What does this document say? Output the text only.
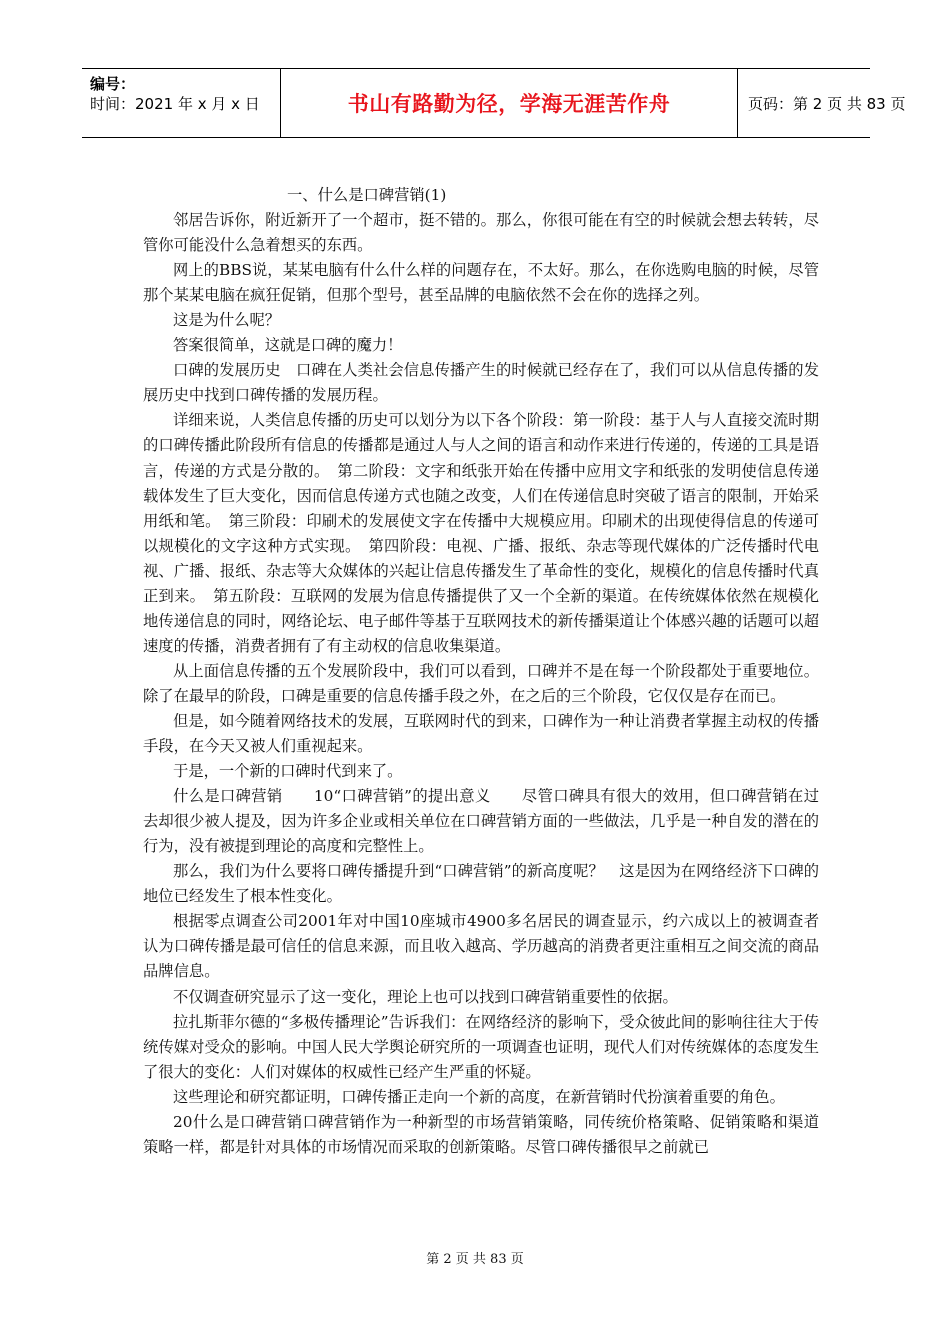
编号：
时间：2021 年 x 月 x 日	书山有路勤为径，学海无涯苦作舟	页码：第 2 页 共 83 页

一、什么是口碑营销(1)

邻居告诉你，附近新开了一个超市，挺不错的。那么，你很可能在有空的时候就会想去转转，尽管你可能没什么急着想买的东西。

网上的BBS说，某某电脑有什么什么样的问题存在，不太好。那么，在你选购电脑的时候，尽管那个某某电脑在疯狂促销，但那个型号，甚至品牌的电脑依然不会在你的选择之列。

这是为什么呢？

答案很简单，这就是口碑的魔力！

口碑的发展历史　口碑在人类社会信息传播产生的时候就已经存在了，我们可以从信息传播的发展历史中找到口碑传播的发展历程。

详细来说，人类信息传播的历史可以划分为以下各个阶段：第一阶段：基于人与人直接交流时期的口碑传播此阶段所有信息的传播都是通过人与人之间的语言和动作来进行传递的，传递的工具是语言，传递的方式是分散的。　第二阶段：文字和纸张开始在传播中应用文字和纸张的发明使信息传递载体发生了巨大变化，因而信息传递方式也随之改变，人们在传递信息时突破了语言的限制，开始采用纸和笔。　第三阶段：印刷术的发展使文字在传播中大规模应用。印刷术的出现使得信息的传递可以规模化的文字这种方式实现。　第四阶段：电视、广播、报纸、杂志等现代媒体的广泛传播时代电视、广播、报纸、杂志等大众媒体的兴起让信息传播发生了革命性的变化，规模化的信息传播时代真正到来。　第五阶段：互联网的发展为信息传播提供了又一个全新的渠道。在传统媒体依然在规模化地传递信息的同时，网络论坛、电子邮件等基于互联网技术的新传播渠道让个体感兴趣的话题可以超速度的传播，消费者拥有了有主动权的信息收集渠道。

从上面信息传播的五个发展阶段中，我们可以看到，口碑并不是在每一个阶段都处于重要地位。除了在最早的阶段，口碑是重要的信息传播手段之外，在之后的三个阶段，它仅仅是存在而已。

但是，如今随着网络技术的发展，互联网时代的到来，口碑作为一种让消费者掌握主动权的传播手段，在今天又被人们重视起来。

于是，一个新的口碑时代到来了。

什么是口碑营销　　10“口碑营销”的提出意义　　尽管口碑具有很大的效用，但口碑营销在过去却很少被人提及，因为许多企业或相关单位在口碑营销方面的一些做法，几乎是一种自发的潜在的行为，没有被提到理论的高度和完整性上。

那么，我们为什么要将口碑传播提升到“口碑营销”的新高度呢？　这是因为在网络经济下口碑的地位已经发生了根本性变化。

根据零点调查公司2001年对中国10座城市4900多名居民的调查显示，约六成以上的被调查者认为口碑传播是最可信任的信息来源，而且收入越高、学历越高的消费者更注重相互之间交流的商品品牌信息。

不仅调查研究显示了这一变化，理论上也可以找到口碑营销重要性的依据。

拉扎斯菲尔德的“多极传播理论”告诉我们：在网络经济的影响下，受众彼此间的影响往往大于传统传媒对受众的影响。中国人民大学舆论研究所的一项调查也证明，现代人们对传统媒体的态度发生了很大的变化：人们对媒体的权威性已经产生严重的怀疑。

这些理论和研究都证明，口碑传播正走向一个新的高度，在新营销时代扮演着重要的角色。

20什么是口碑营销口碑营销作为一种新型的市场营销策略，同传统价格策略、促销策略和渠道策略一样，都是针对具体的市场情况而采取的创新策略。尽管口碑传播很早之前就已

第 2 页 共 83 页
